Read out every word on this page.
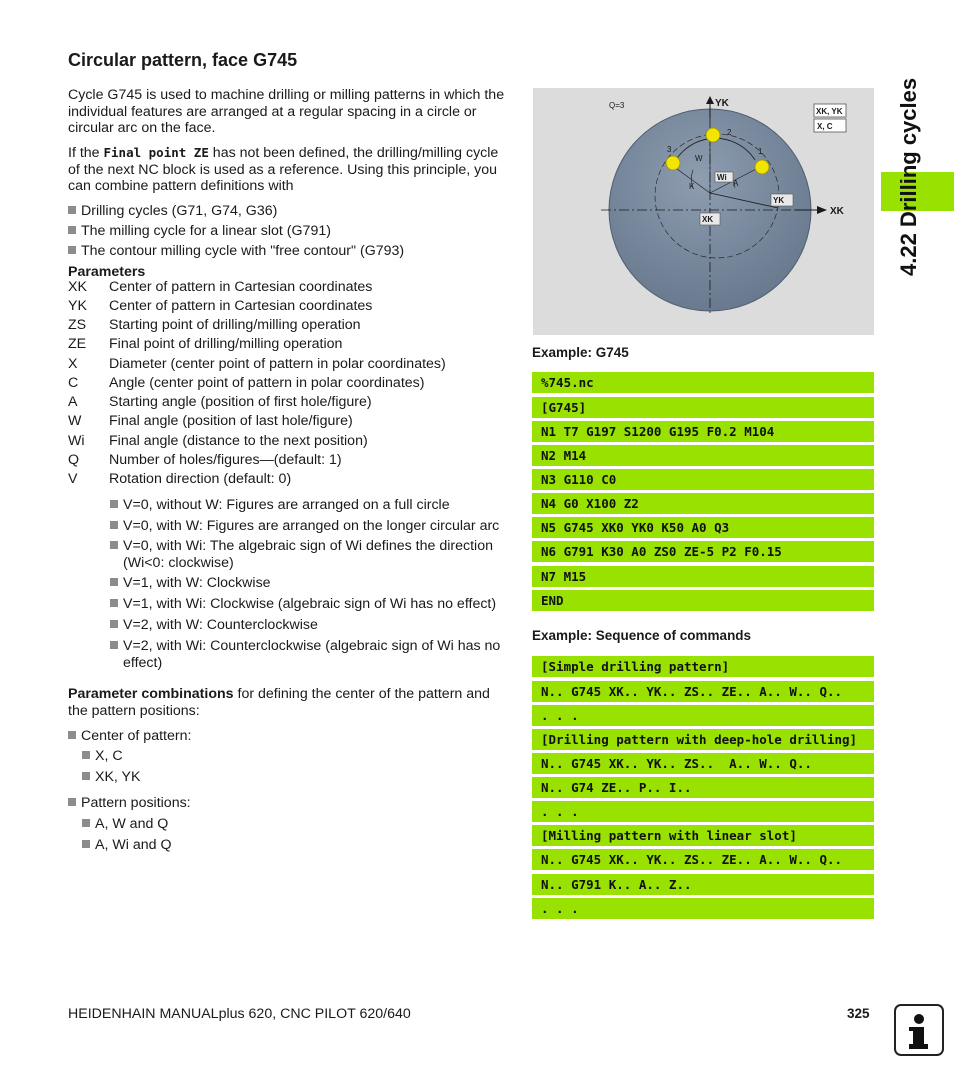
Circular pattern, face G745
Cycle G745 is used to machine drilling or milling patterns in which the individual features are arranged at a regular spacing in a circle or circular arc on the face.
If the Final point ZE has not been defined, the drilling/milling cycle of the next NC block is used as a reference. Using this principle, you can combine pattern definitions with
Drilling cycles (G71, G74, G36)
The milling cycle for a linear slot (G791)
The contour milling cycle with "free contour" (G793)
Parameters
XK Center of pattern in Cartesian coordinates
YK Center of pattern in Cartesian coordinates
ZS Starting point of drilling/milling operation
ZE Final point of drilling/milling operation
X Diameter (center point of pattern in polar coordinates)
C Angle (center point of pattern in polar coordinates)
A Starting angle (position of first hole/figure)
W Final angle (position of last hole/figure)
Wi Final angle (distance to the next position)
Q Number of holes/figures—(default: 1)
V Rotation direction (default: 0)
V=0, without W: Figures are arranged on a full circle
V=0, with W: Figures are arranged on the longer circular arc
V=0, with Wi: The algebraic sign of Wi defines the direction (Wi<0: clockwise)
V=1, with W: Clockwise
V=1, with Wi: Clockwise (algebraic sign of Wi has no effect)
V=2, with W: Counterclockwise
V=2, with Wi: Counterclockwise (algebraic sign of Wi has no effect)
Parameter combinations for defining the center of the pattern and the pattern positions:
Center of pattern:
X, C
XK, YK
Pattern positions:
A, W and Q
A, Wi and Q
Q=3	YK
XK
XK, YK
X, C
1
2
3
W
K
Wi
A
YK
XK
Example: G745
%745.nc
[G745]
N1 T7 G197 S1200 G195 F0.2 M104
N2 M14
N3 G110 C0
N4 G0 X100 Z2
N5 G745 XK0 YK0 K50 A0 Q3
N6 G791 K30 A0 ZS0 ZE-5 P2 F0.15
N7 M15
END
Example: Sequence of commands
[Simple drilling pattern]
N.. G745 XK.. YK.. ZS.. ZE.. A.. W.. Q..
. . .
[Drilling pattern with deep-hole drilling]
N.. G745 XK.. YK.. ZS..  A.. W.. Q..
N.. G74 ZE.. P.. I..
. . .
[Milling pattern with linear slot]
N.. G745 XK.. YK.. ZS.. ZE.. A.. W.. Q..
N.. G791 K.. A.. Z..
. . .
4.22 Drilling cycles
HEIDENHAIN MANUALplus 620, CNC PILOT 620/640	325
